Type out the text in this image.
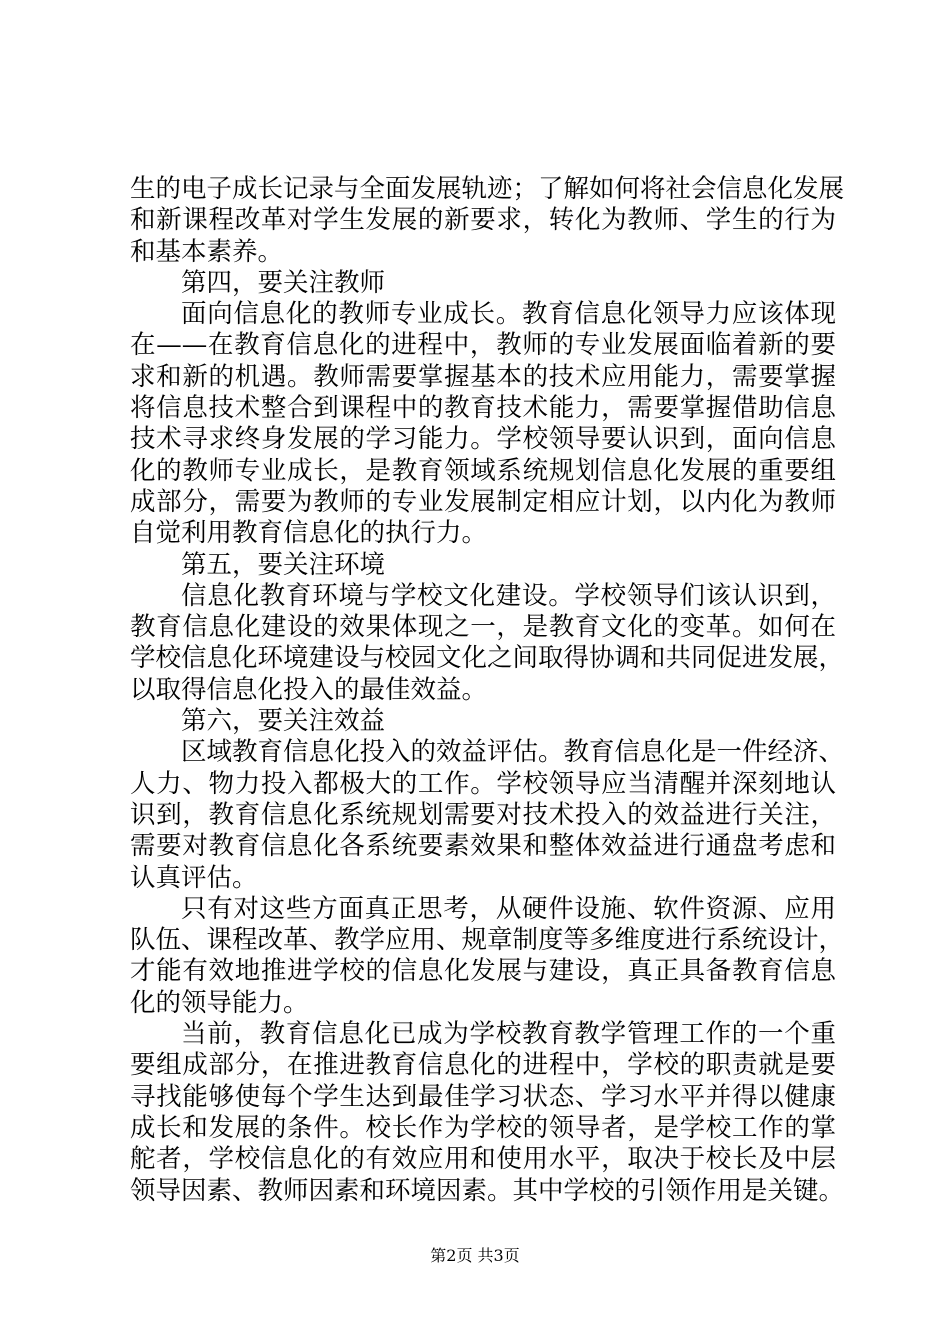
生的电子成长记录与全面发展轨迹；了解如何将社会信息化发展
和新课程改革对学生发展的新要求，转化为教师、学生的行为
和基本素养。
第四，要关注教师
面向信息化的教师专业成长。教育信息化领导力应该体现
在——在教育信息化的进程中，教师的专业发展面临着新的要
求和新的机遇。教师需要掌握基本的技术应用能力，需要掌握
将信息技术整合到课程中的教育技术能力，需要掌握借助信息
技术寻求终身发展的学习能力。学校领导要认识到，面向信息
化的教师专业成长，是教育领域系统规划信息化发展的重要组
成部分，需要为教师的专业发展制定相应计划，以内化为教师
自觉利用教育信息化的执行力。
第五，要关注环境
信息化教育环境与学校文化建设。学校领导们该认识到，
教育信息化建设的效果体现之一，是教育文化的变革。如何在
学校信息化环境建设与校园文化之间取得协调和共同促进发展，
以取得信息化投入的最佳效益。
第六，要关注效益
区域教育信息化投入的效益评估。教育信息化是一件经济、
人力、物力投入都极大的工作。学校领导应当清醒并深刻地认
识到，教育信息化系统规划需要对技术投入的效益进行关注，
需要对教育信息化各系统要素效果和整体效益进行通盘考虑和
认真评估。
只有对这些方面真正思考，从硬件设施、软件资源、应用
队伍、课程改革、教学应用、规章制度等多维度进行系统设计，
才能有效地推进学校的信息化发展与建设，真正具备教育信息
化的领导能力。
当前，教育信息化已成为学校教育教学管理工作的一个重
要组成部分，在推进教育信息化的进程中，学校的职责就是要
寻找能够使每个学生达到最佳学习状态、学习水平并得以健康
成长和发展的条件。校长作为学校的领导者，是学校工作的掌
舵者，学校信息化的有效应用和使用水平，取决于校长及中层
领导因素、教师因素和环境因素。其中学校的引领作用是关键。
第2页 共3页
